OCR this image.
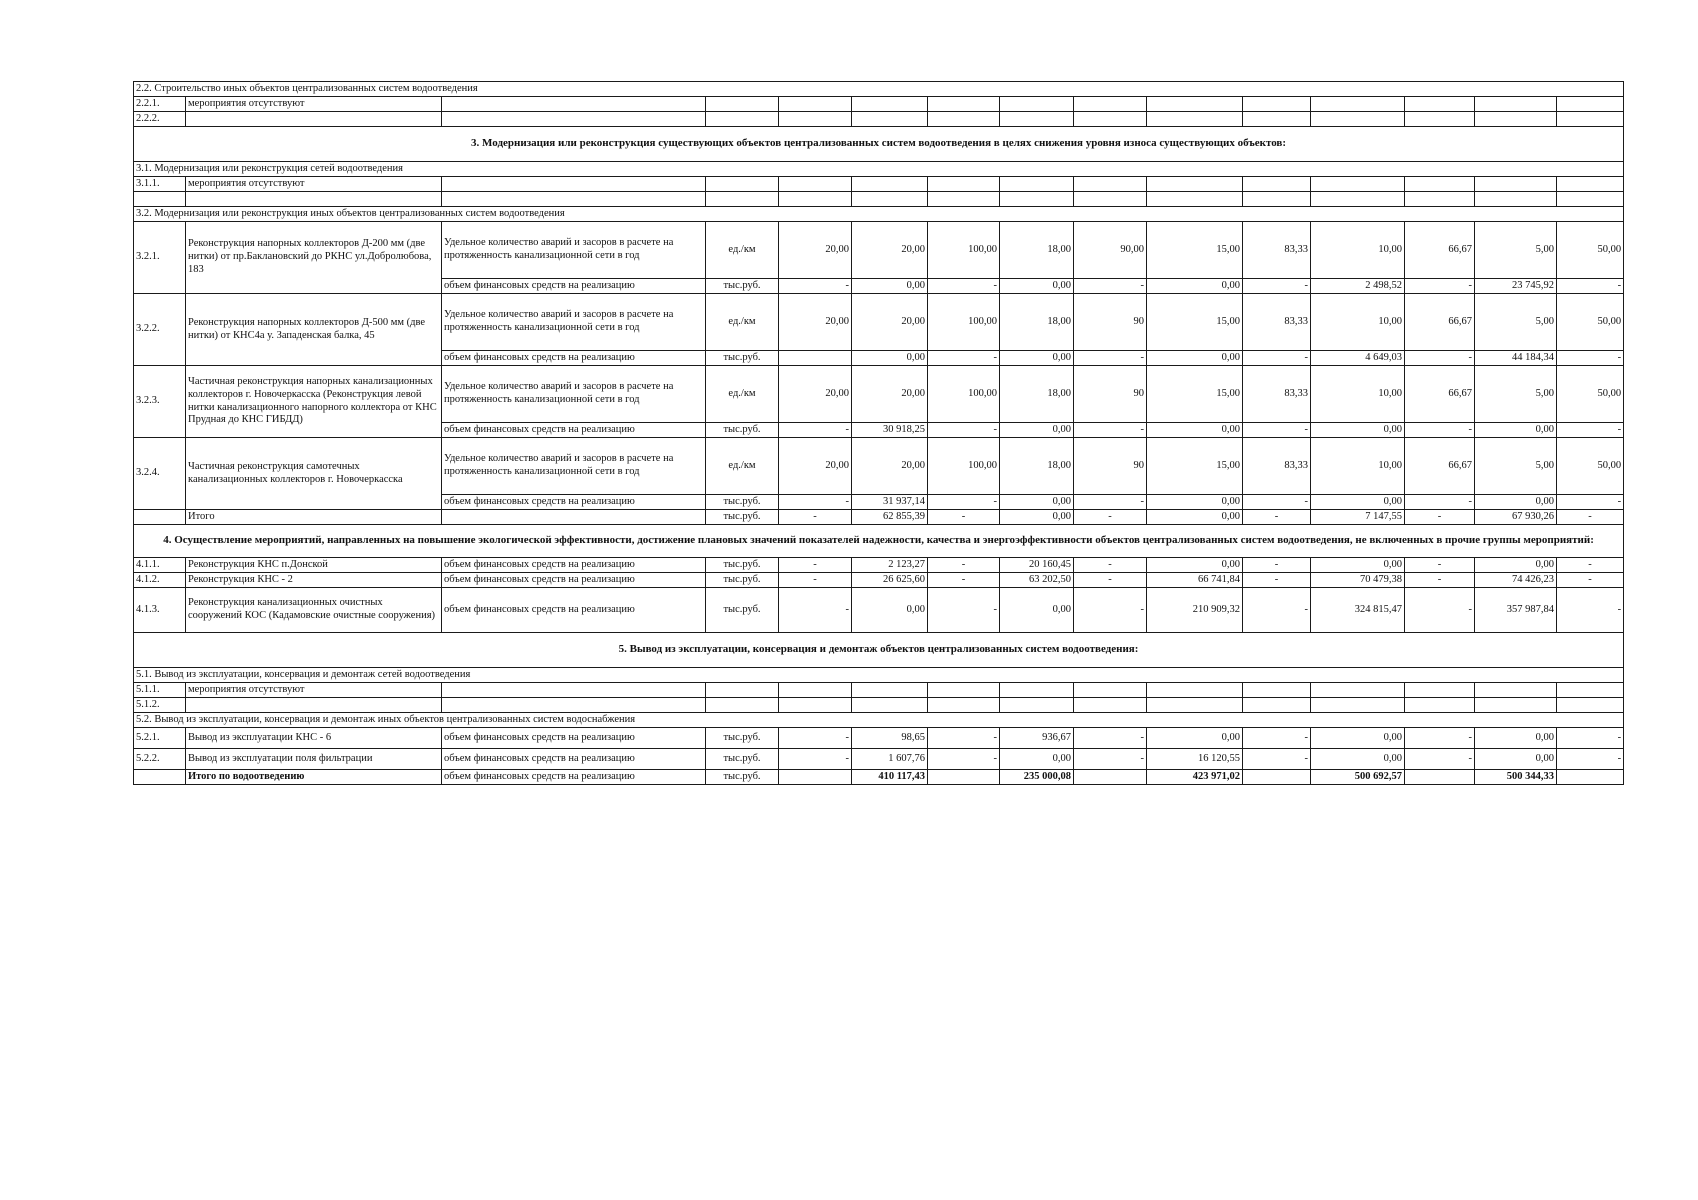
2.2. Строительство иных объектов централизованных систем водоотведения														
2.2.1.	мероприятия отсутствуют													
2.2.2.														
3. Модернизация или реконструкция существующих объектов централизованных систем водоотведения в целях снижения уровня износа существующих объектов:														
3.1. Модернизация или реконструкция сетей водоотведения														
3.1.1.	мероприятия отсутствуют													

3.2. Модернизация или реконструкция иных объектов централизованных систем водоотведения														
3.2.1.	Реконструкция напорных коллекторов Д-200 мм (две нитки) от пр.Баклановский до РКНС ул.Добролюбова, 183	Удельное количество аварий и засоров в расчете на протяженность канализационной сети в год	ед./км	20,00	20,00	100,00	18,00	90,00	15,00	83,33	10,00	66,67	5,00	50,00
		объем финансовых средств на реализацию	тыс.руб.	-	0,00	-	0,00	-	0,00	-	2 498,52	-	23 745,92	-
3.2.2.	Реконструкция напорных коллекторов Д-500 мм (две нитки) от КНС4а у. Западенская балка, 45	Удельное количество аварий и засоров в расчете на протяженность канализационной сети в год	ед./км	20,00	20,00	100,00	18,00	90	15,00	83,33	10,00	66,67	5,00	50,00
		объем финансовых средств на реализацию	тыс.руб.		0,00	-	0,00	-	0,00	-	4 649,03	-	44 184,34	-
3.2.3.	Частичная реконструкция напорных канализационных коллекторов г. Новочеркасска (Реконструкция левой нитки канализационного напорного коллектора от КНС Прудная до КНС ГИБДД)	Удельное количество аварий и засоров в расчете на протяженность канализационной сети в год	ед./км	20,00	20,00	100,00	18,00	90	15,00	83,33	10,00	66,67	5,00	50,00
		объем финансовых средств на реализацию	тыс.руб.	-	30 918,25	-	0,00	-	0,00	-	0,00	-	0,00	-
3.2.4.	Частичная реконструкция самотечных канализационных коллекторов г. Новочеркасска	Удельное количество аварий и засоров в расчете на протяженность канализационной сети в год	ед./км	20,00	20,00	100,00	18,00	90	15,00	83,33	10,00	66,67	5,00	50,00
		объем финансовых средств на реализацию	тыс.руб.	-	31 937,14	-	0,00	-	0,00	-	0,00	-	0,00	-
	Итого		тыс.руб.	-	62 855,39	-	0,00	-	0,00	-	7 147,55	-	67 930,26	-
4. Осуществление мероприятий, направленных на повышение экологической эффективности, достижение плановых значений показателей надежности, качества и энергоэффективности объектов централизованных систем водоотведения, не включенных в прочие группы мероприятий:														
4.1.1.	Реконструкция КНС п.Донской	объем финансовых средств на реализацию	тыс.руб.	-	2 123,27	-	20 160,45	-	0,00	-	0,00	-	0,00	-
4.1.2.	Реконструкция КНС - 2	объем финансовых средств на реализацию	тыс.руб.	-	26 625,60	-	63 202,50	-	66 741,84	-	70 479,38	-	74 426,23	-
4.1.3.	Реконструкция канализационных очистных сооружений КОС (Кадамовские очистные сооружения)	объем финансовых средств на реализацию	тыс.руб.	-	0,00	-	0,00	-	210 909,32	-	324 815,47	-	357 987,84	-
5. Вывод из эксплуатации, консервация и демонтаж объектов централизованных систем водоотведения:														
5.1. Вывод из эксплуатации, консервация и демонтаж сетей водоотведения														
5.1.1.	мероприятия отсутствуют													
5.1.2.														
5.2. Вывод из эксплуатации, консервация и демонтаж иных объектов централизованных систем водоснабжения														
5.2.1.	Вывод из эксплуатации КНС - 6	объем финансовых средств на реализацию	тыс.руб.	-	98,65	-	936,67	-	0,00	-	0,00	-	0,00	-
5.2.2.	Вывод из эксплуатации поля фильтрации	объем финансовых средств на реализацию	тыс.руб.	-	1 607,76	-	0,00	-	16 120,55	-	0,00	-	0,00	-
	Итого по водоотведению	объем финансовых средств на реализацию	тыс.руб.		410 117,43		235 000,08		423 971,02		500 692,57		500 344,33	
